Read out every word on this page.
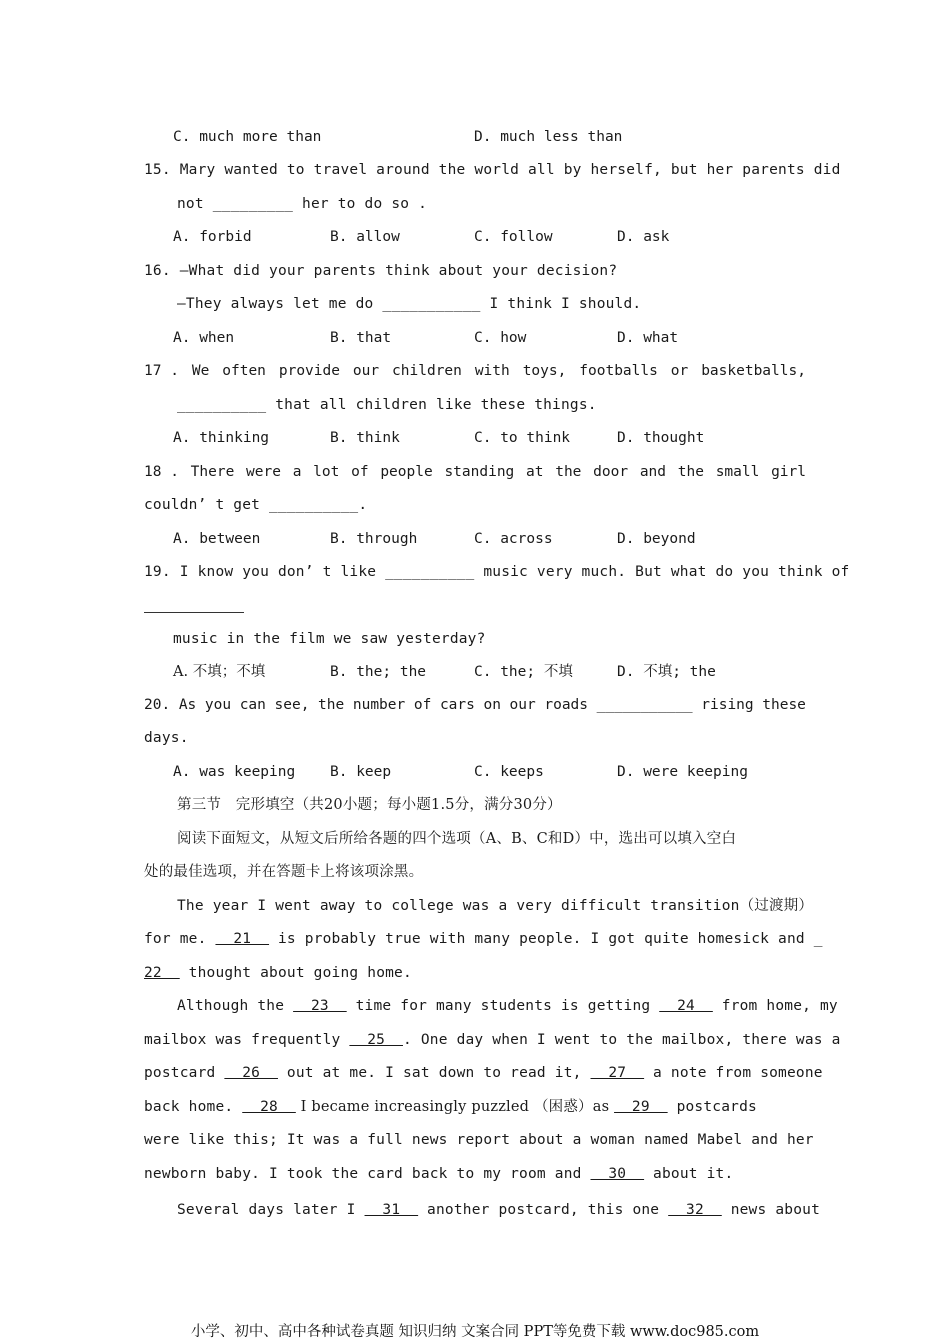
C. much more than	D. much less than
15. Mary wanted to travel around the world all by herself, but her parents did
not _________ her to do so .
A. forbid	B. allow	C. follow	D. ask
16. —What did your parents think about your decision?
—They always let me do ___________ I think I should.
A. when	B. that	C. how	D. what
17 . We often provide our children with toys, footballs or basketballs,
__________ that all children like these things.
A. thinking	B. think	C. to think	D. thought
18 . There were a lot of people standing at the door and the small girl
couldn’ t get __________.
A. between	B. through	C. across	D. beyond
19. I know you don’ t like __________ music very much. But what do you think of
music in the film we saw yesterday?
A. 不填；不填	B. the; the	C. the; 不填	D. 不填; the
20. As you can see, the number of cars on our roads ___________ rising these
days.
A. was keeping B. keep	C. keeps	D. were keeping
第三节　完形填空（共20小题；每小题1.5分，满分30分）
阅读下面短文，从短文后所给各题的四个选项（A、B、C和D）中，选出可以填入空白
处的最佳选项，并在答题卡上将该项涂黑。
The year I went away to college was a very difficult transition（过渡期）
for me.   21   is probably true with many people. I got quite homesick and _
22   thought about going home.
Although the   23   time for many students is getting   24   from home, my
mailbox was frequently   25  . One day when I went to the mailbox, there was a
postcard   26   out at me. I sat down to read it,   27   a note from someone
back home.   28   I became increasingly puzzled （困惑）as   29   postcards
were like this; It was a full news report about a woman named Mabel and her
newborn baby. I took the card back to my room and   30   about it.
Several days later I   31   another postcard, this one   32   news about
小学、初中、高中各种试卷真题 知识归纳 文案合同 PPT等免费下载 www.doc985.com
